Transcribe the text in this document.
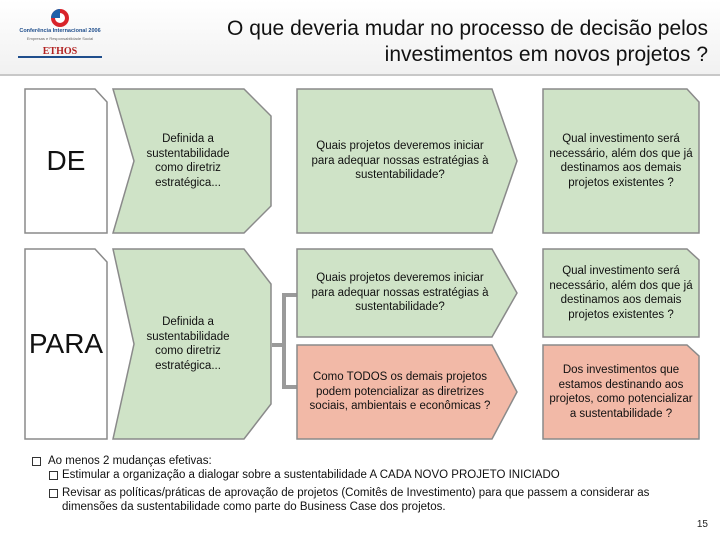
Conferência Internacional 2006
Empresas e Responsabilidade Social
ETHOS
O que deveria mudar no processo de decisão pelos investimentos em novos projetos ?
DE
Definida a sustentabilidade como diretriz estratégica...
Quais projetos deveremos iniciar para adequar nossas estratégias à sustentabilidade?
Qual investimento será necessário, além dos que já destinamos aos demais projetos existentes ?
PARA
Definida a sustentabilidade como diretriz estratégica...
Quais projetos deveremos iniciar para adequar nossas estratégias à sustentabilidade?
Qual investimento será necessário, além dos que já destinamos aos demais projetos existentes ?
Como TODOS os demais projetos podem potencializar as diretrizes sociais, ambientais e econômicas ?
Dos investimentos que estamos destinando aos projetos, como potencializar a sustentabilidade ?
Ao menos 2 mudanças efetivas:
Estimular a organização a dialogar sobre a sustentabilidade A CADA NOVO PROJETO INICIADO
Revisar as políticas/práticas de aprovação de projetos (Comitês de Investimento) para que passem a considerar as dimensões da sustentabilidade como parte do Business Case dos projetos.
15
